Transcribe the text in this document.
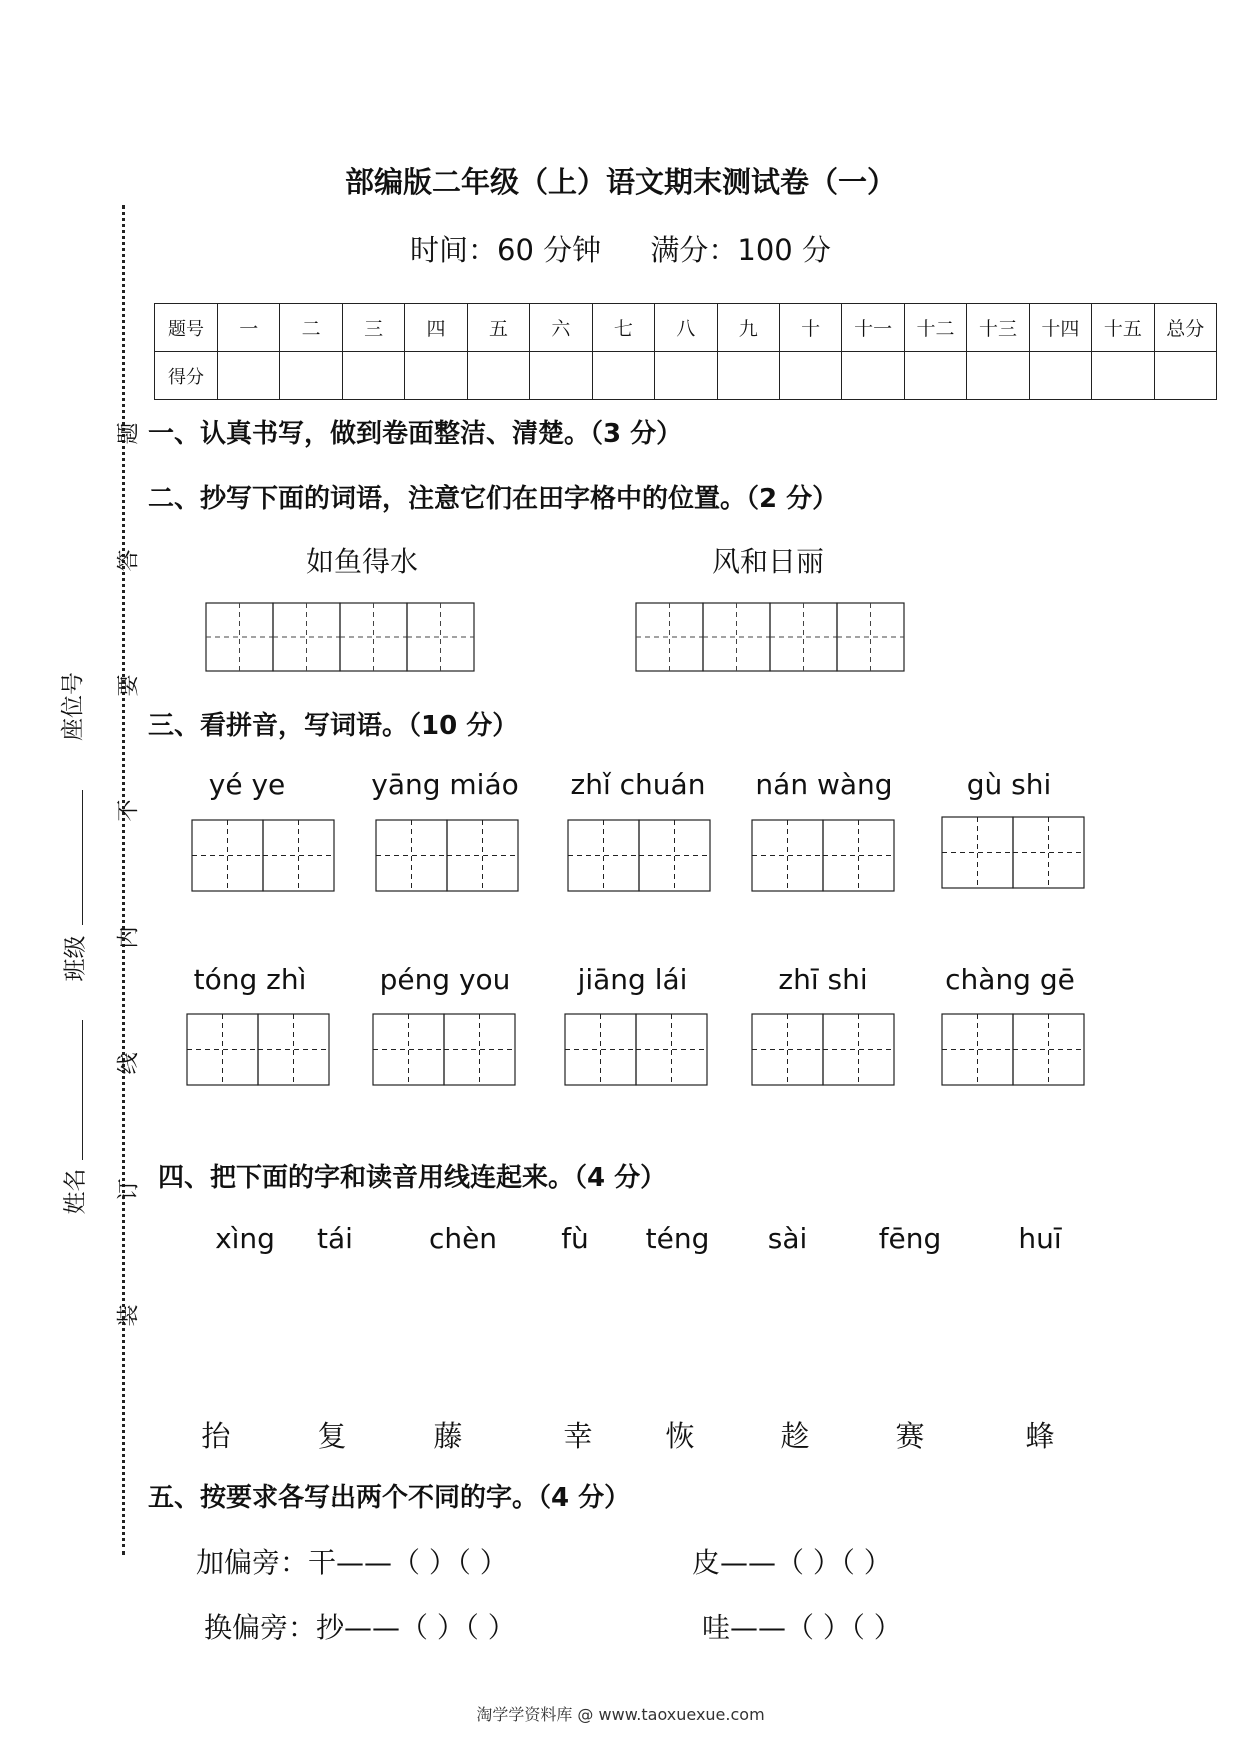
部编版二年级（上）语文期末测试卷（一）
时间：60 分钟 满分：100 分
题号	一	二	三	四	五	六	七	八	九	十	十一	十二	十三	十四	十五	总分
得分																
题
答
要
不
内
线
订
装
座位号
班级
姓名
一、认真书写，做到卷面整洁、清楚。（3 分）
二、抄写下面的词语，注意它们在田字格中的位置。（2 分）
如鱼得水	风和日丽
三、看拼音，写词语。（10 分）
yé ye	yāng miáo zhǐ chuán	nán wàng	gù shi
tóng zhì	péng you	jiāng lái	zhī shi	chàng gē
四、把下面的字和读音用线连起来。（4 分）
xìng	tái	chèn	fù téng sài	fēng	huī
抬	复	藤	幸	恢	趁	赛	蜂
五、按要求各写出两个不同的字。（4 分）
加偏旁：干——（ ）（ ）	皮——（ ）（ ）
换偏旁：抄——（ ）（ ）	哇——（ ）（ ）
淘学学资料库 @ www.taoxuexue.com
